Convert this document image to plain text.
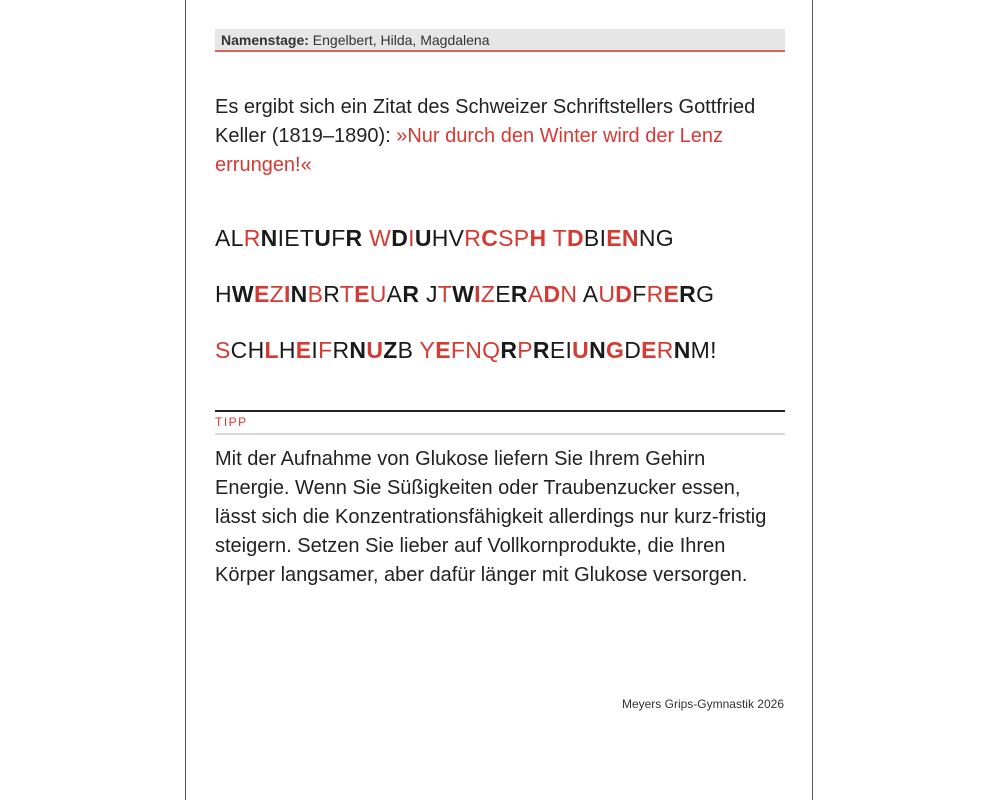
Namenstage: Engelbert, Hilda, Magdalena
Es ergibt sich ein Zitat des Schweizer Schriftstellers Gottfried Keller (1819–1890): »Nur durch den Winter wird der Lenz errungen!«
ALRNIETUFR WDIUHVRCSPH TDBIENNG
HWEZINBRTEUAR JTWIZERADN AUDFRERG
SCHLHEIFRNUZB YEFNQRPREIUNGDERNM!
TIPP
Mit der Aufnahme von Glukose liefern Sie Ihrem Gehirn Energie. Wenn Sie Süßigkeiten oder Traubenzucker essen, lässt sich die Konzentrationsfähigkeit allerdings nur kurz-fristig steigern. Setzen Sie lieber auf Vollkornprodukte, die Ihren Körper langsamer, aber dafür länger mit Glukose versorgen.
Meyers Grips-Gymnastik 2026
